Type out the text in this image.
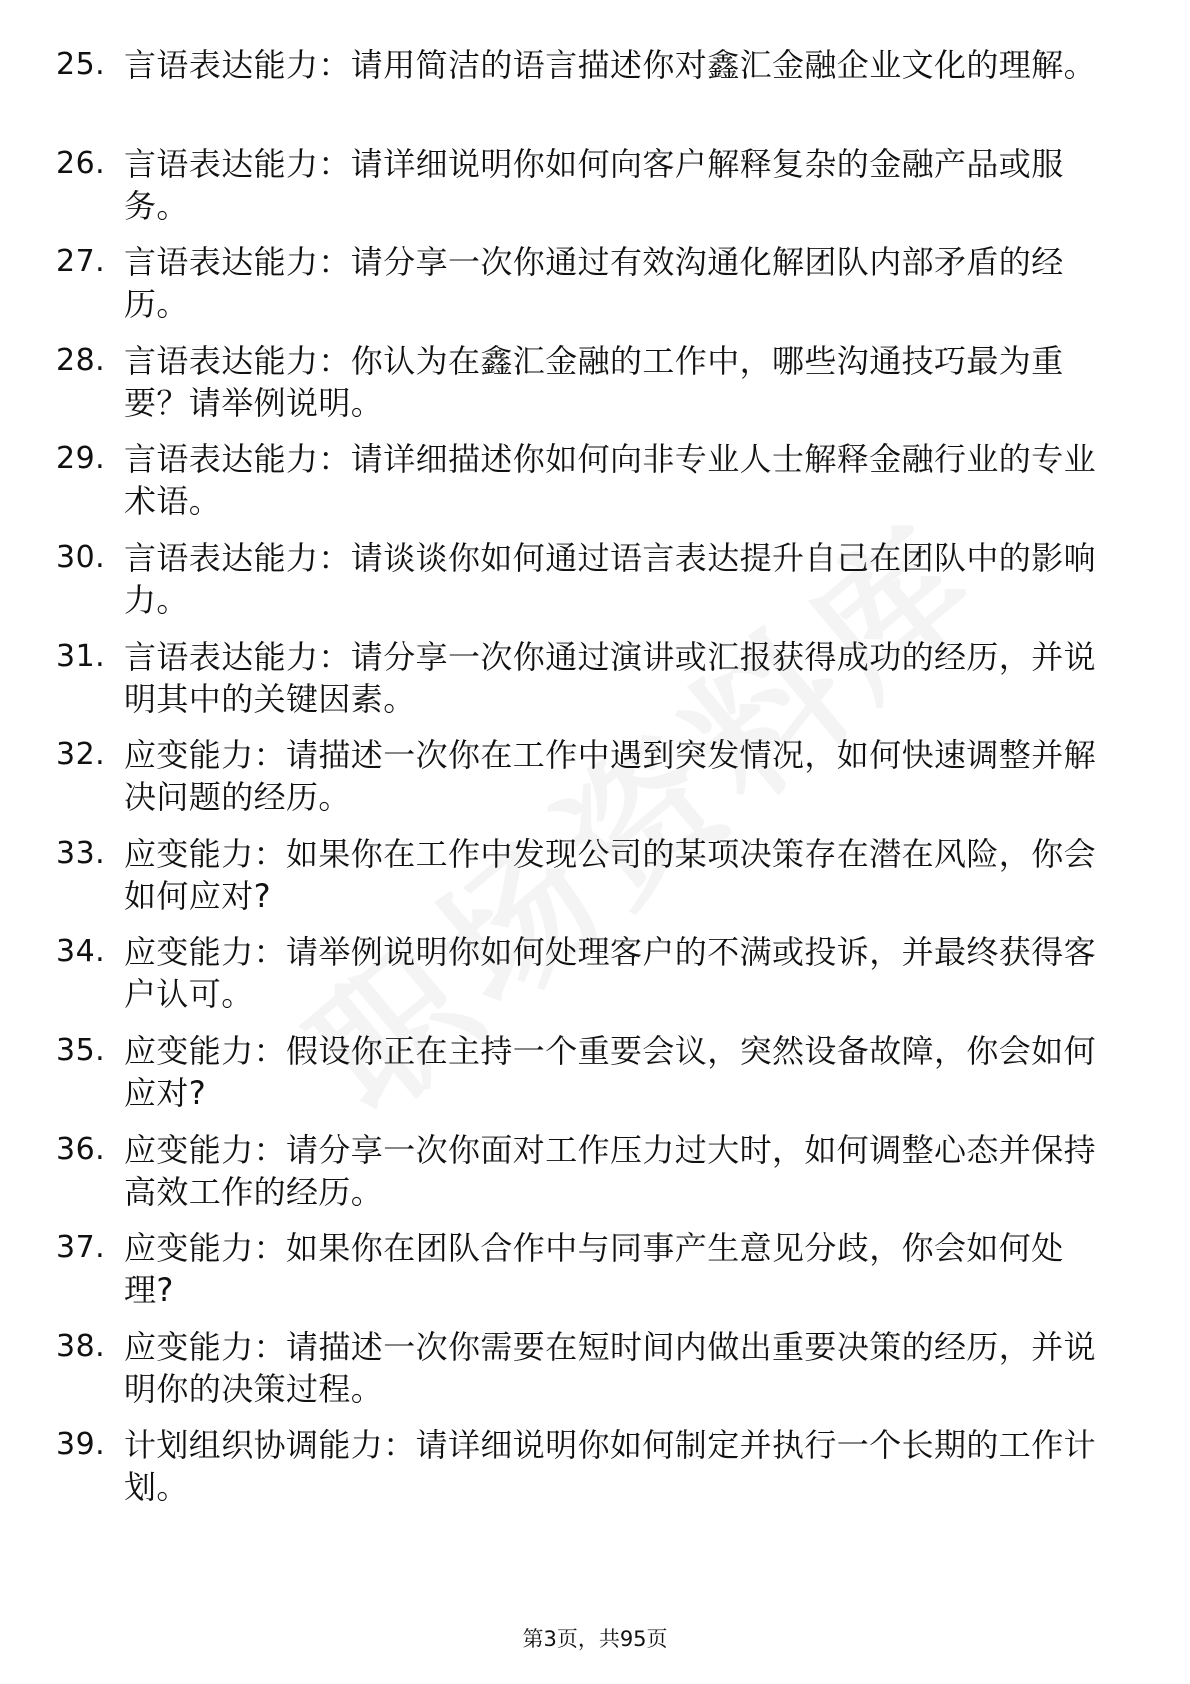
25. 言语表达能力：请用简洁的语言描述你对鑫汇金融企业文化的理解。
26. 言语表达能力：请详细说明你如何向客户解释复杂的金融产品或服务。
27. 言语表达能力：请分享一次你通过有效沟通化解团队内部矛盾的经历。
28. 言语表达能力：你认为在鑫汇金融的工作中，哪些沟通技巧最为重要？请举例说明。
29. 言语表达能力：请详细描述你如何向非专业人士解释金融行业的专业术语。
30. 言语表达能力：请谈谈你如何通过语言表达提升自己在团队中的影响力。
31. 言语表达能力：请分享一次你通过演讲或汇报获得成功的经历，并说明其中的关键因素。
32. 应变能力：请描述一次你在工作中遇到突发情况，如何快速调整并解决问题的经历。
33. 应变能力：如果你在工作中发现公司的某项决策存在潜在风险，你会如何应对?
34. 应变能力：请举例说明你如何处理客户的不满或投诉，并最终获得客户认可。
35. 应变能力：假设你正在主持一个重要会议，突然设备故障，你会如何应对?
36. 应变能力：请分享一次你面对工作压力过大时，如何调整心态并保持高效工作的经历。
37. 应变能力：如果你在团队合作中与同事产生意见分歧，你会如何处理?
38. 应变能力：请描述一次你需要在短时间内做出重要决策的经历，并说明你的决策过程。
39. 计划组织协调能力：请详细说明你如何制定并执行一个长期的工作计划。
第3页，共95页
